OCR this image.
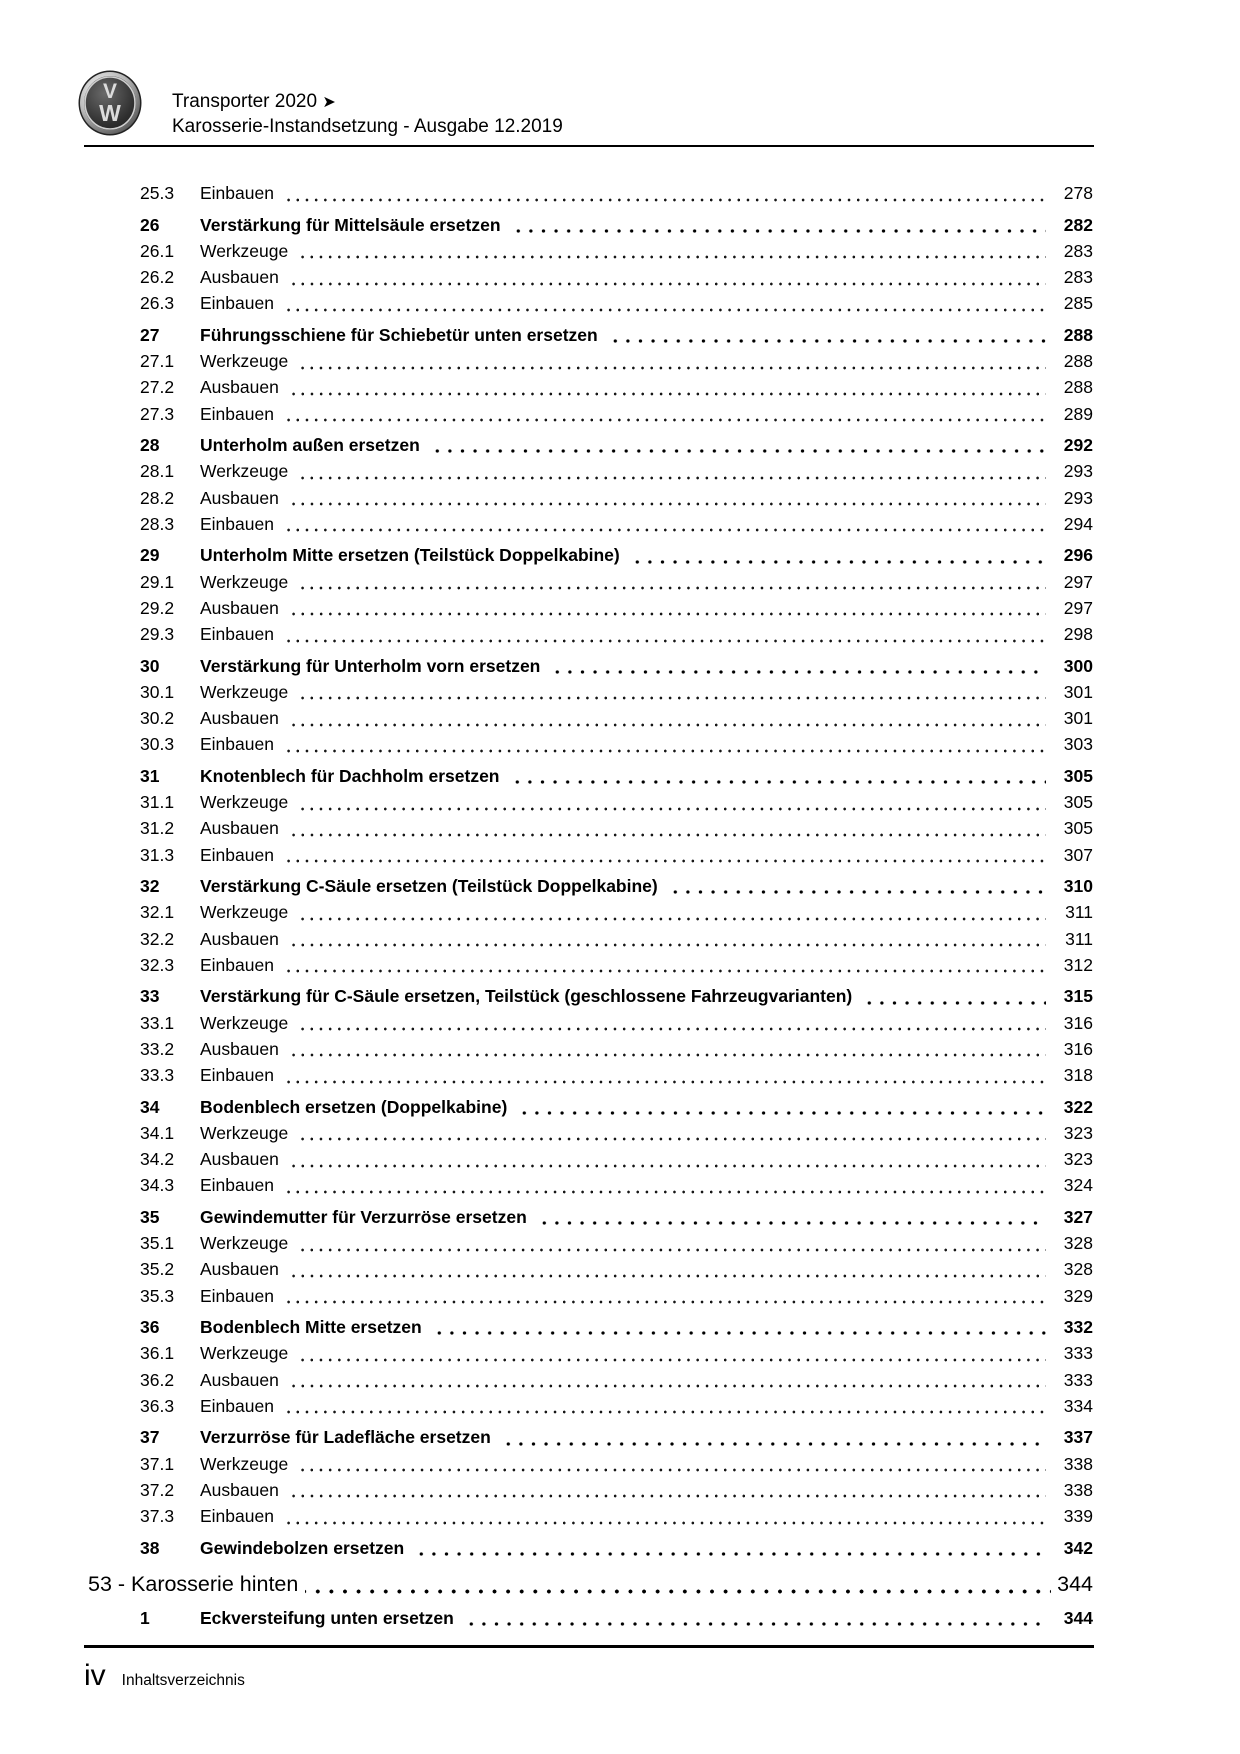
V
W	Transporter 2020 ➤
Karosserie-Instandsetzung - Ausgabe 12.2019
25.3	Einbauen	278
26	Verstärkung für Mittelsäule ersetzen	282
26.1	Werkzeuge	283
26.2	Ausbauen	283
26.3	Einbauen	285
27	Führungsschiene für Schiebetür unten ersetzen	288
27.1	Werkzeuge	288
27.2	Ausbauen	288
27.3	Einbauen	289
28	Unterholm außen ersetzen	292
28.1	Werkzeuge	293
28.2	Ausbauen	293
28.3	Einbauen	294
29	Unterholm Mitte ersetzen (Teilstück Doppelkabine)	296
29.1	Werkzeuge	297
29.2	Ausbauen	297
29.3	Einbauen	298
30	Verstärkung für Unterholm vorn ersetzen	300
30.1	Werkzeuge	301
30.2	Ausbauen	301
30.3	Einbauen	303
31	Knotenblech für Dachholm ersetzen	305
31.1	Werkzeuge	305
31.2	Ausbauen	305
31.3	Einbauen	307
32	Verstärkung C-Säule ersetzen (Teilstück Doppelkabine)	310
32.1	Werkzeuge	311
32.2	Ausbauen	311
32.3	Einbauen	312
33	Verstärkung für C-Säule ersetzen, Teilstück (geschlossene Fahrzeugvarianten)	315
33.1	Werkzeuge	316
33.2	Ausbauen	316
33.3	Einbauen	318
34	Bodenblech ersetzen (Doppelkabine)	322
34.1	Werkzeuge	323
34.2	Ausbauen	323
34.3	Einbauen	324
35	Gewindemutter für Verzurröse ersetzen	327
35.1	Werkzeuge	328
35.2	Ausbauen	328
35.3	Einbauen	329
36	Bodenblech Mitte ersetzen	332
36.1	Werkzeuge	333
36.2	Ausbauen	333
36.3	Einbauen	334
37	Verzurröse für Ladefläche ersetzen	337
37.1	Werkzeuge	338
37.2	Ausbauen	338
37.3	Einbauen	339
38	Gewindebolzen ersetzen	342
53 - Karosserie hinten	344
1	Eckversteifung unten ersetzen	344
iv Inhaltsverzeichnis
